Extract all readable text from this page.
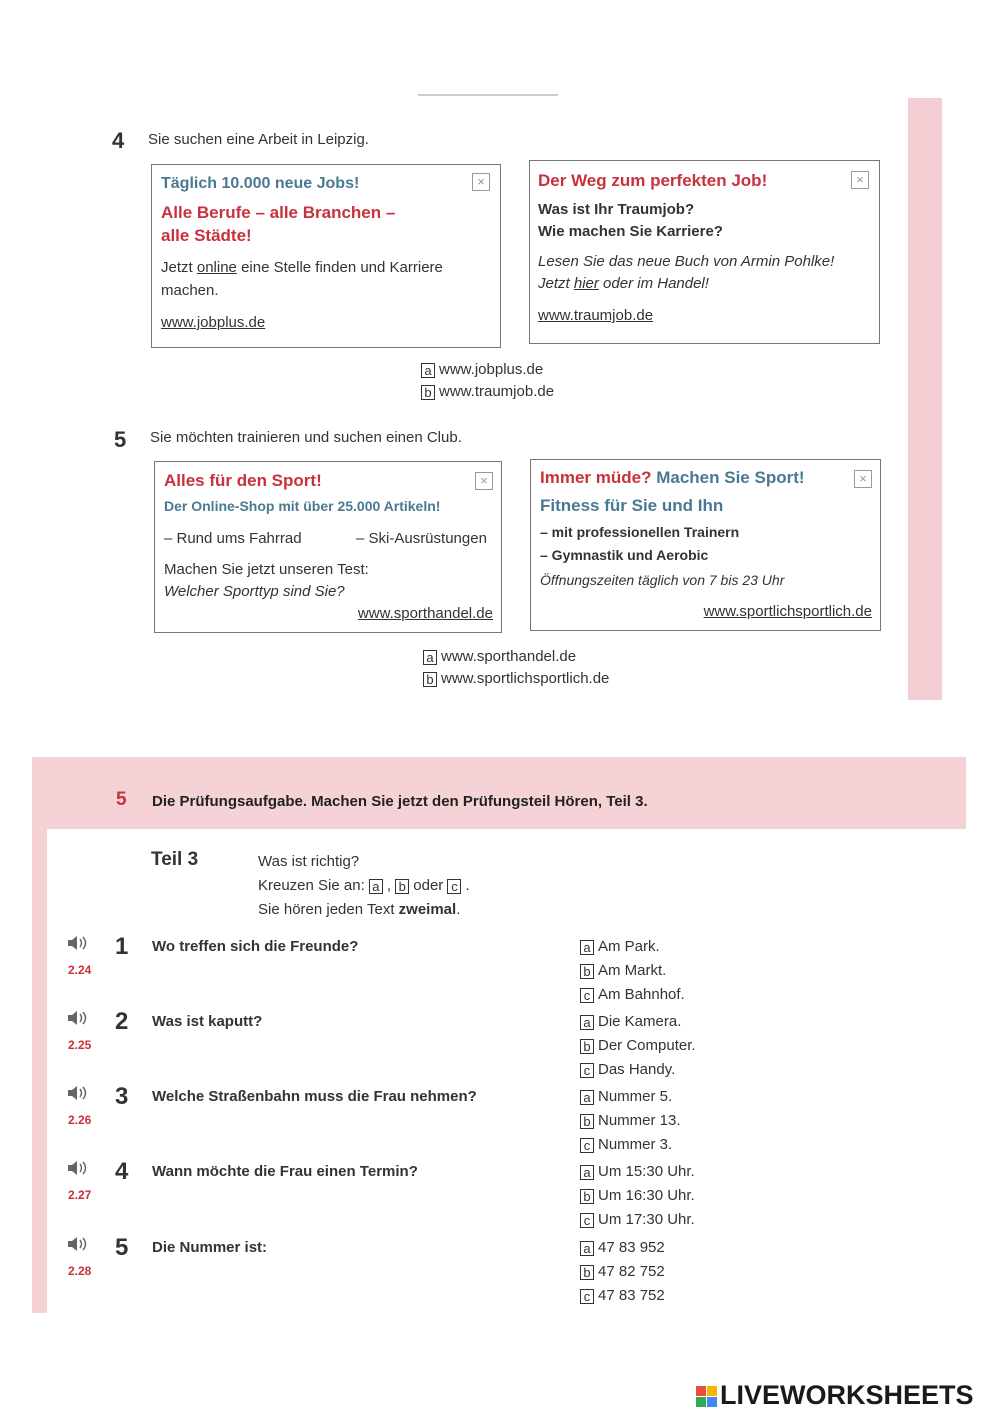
4 Sie suchen eine Arbeit in Leipzig.
×
Täglich 10.000 neue Jobs!
Alle Berufe – alle Branchen –
alle Städte!
Jetzt online eine Stelle finden und Karriere
machen.
www.jobplus.de
×
Der Weg zum perfekten Job!
Was ist Ihr Traumjob?
Wie machen Sie Karriere?
Lesen Sie das neue Buch von Armin Pohlke!
Jetzt hier oder im Handel!
www.traumjob.de
a www.jobplus.de
b www.traumjob.de
5 Sie möchten trainieren und suchen einen Club.
×
Alles für den Sport!
Der Online-Shop mit über 25.000 Artikeln!
– Rund ums Fahrrad	– Ski-Ausrüstungen
Machen Sie jetzt unseren Test:
Welcher Sporttyp sind Sie?
www.sporthandel.de
×
Immer müde? Machen Sie Sport!
Fitness für Sie und Ihn
– mit professionellen Trainern
– Gymnastik und Aerobic
Öffnungszeiten täglich von 7 bis 23 Uhr
www.sportlichsportlich.de
a www.sporthandel.de
b www.sportlichsportlich.de
5 Die Prüfungsaufgabe. Machen Sie jetzt den Prüfungsteil Hören, Teil 3.
Teil 3	Was ist richtig?
Kreuzen Sie an: a , b oder c .
Sie hören jeden Text zweimal.
2.24
1 Wo treffen sich die Freunde?	a Am Park.
b Am Markt.
c Am Bahnhof.
2.25
2 Was ist kaputt?	a Die Kamera.
b Der Computer.
c Das Handy.
2.26
3 Welche Straßenbahn muss die Frau nehmen?	a Nummer 5.
b Nummer 13.
c Nummer 3.
2.27
4 Wann möchte die Frau einen Termin?	a Um 15:30 Uhr.
b Um 16:30 Uhr.
c Um 17:30 Uhr.
2.28
5 Die Nummer ist:	a 47 83 952
b 47 82 752
c 47 83 752
LIVEWORKSHEETS
